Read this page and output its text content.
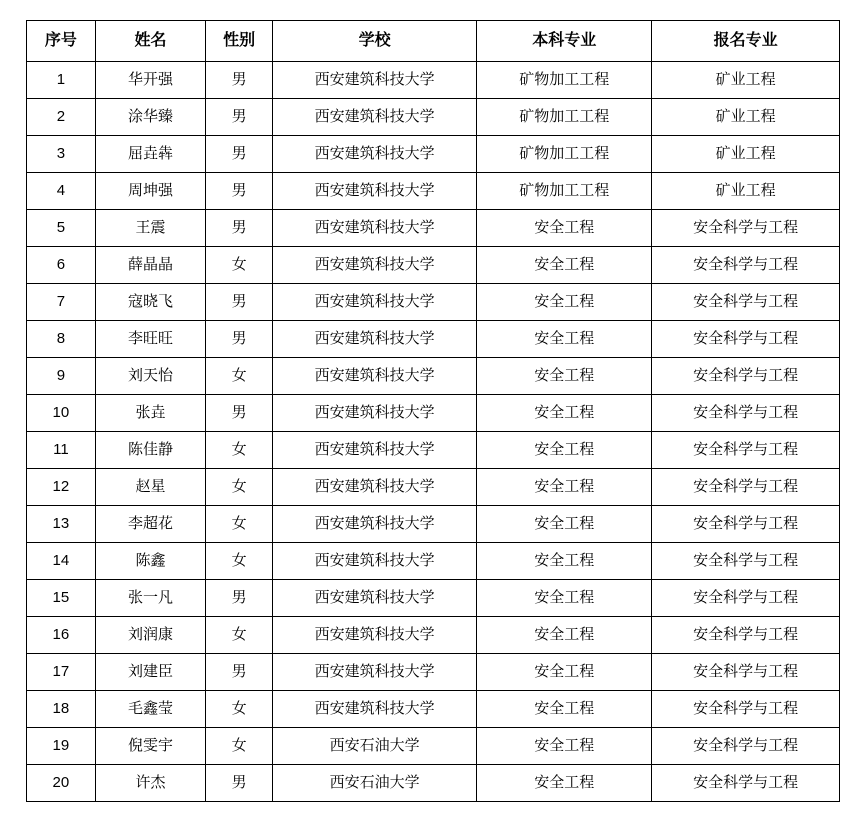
序号	姓名	性别	学校	本科专业	报名专业
1	华开强	男	西安建筑科技大学	矿物加工工程	矿业工程
2	涂华臻	男	西安建筑科技大学	矿物加工工程	矿业工程
3	屈垚犇	男	西安建筑科技大学	矿物加工工程	矿业工程
4	周坤强	男	西安建筑科技大学	矿物加工工程	矿业工程
5	王震	男	西安建筑科技大学	安全工程	安全科学与工程
6	薛晶晶	女	西安建筑科技大学	安全工程	安全科学与工程
7	寇晓飞	男	西安建筑科技大学	安全工程	安全科学与工程
8	李旺旺	男	西安建筑科技大学	安全工程	安全科学与工程
9	刘天怡	女	西安建筑科技大学	安全工程	安全科学与工程
10	张垚	男	西安建筑科技大学	安全工程	安全科学与工程
11	陈佳静	女	西安建筑科技大学	安全工程	安全科学与工程
12	赵星	女	西安建筑科技大学	安全工程	安全科学与工程
13	李超花	女	西安建筑科技大学	安全工程	安全科学与工程
14	陈鑫	女	西安建筑科技大学	安全工程	安全科学与工程
15	张一凡	男	西安建筑科技大学	安全工程	安全科学与工程
16	刘润康	女	西安建筑科技大学	安全工程	安全科学与工程
17	刘建臣	男	西安建筑科技大学	安全工程	安全科学与工程
18	毛鑫莹	女	西安建筑科技大学	安全工程	安全科学与工程
19	倪雯宇	女	西安石油大学	安全工程	安全科学与工程
20	许杰	男	西安石油大学	安全工程	安全科学与工程
